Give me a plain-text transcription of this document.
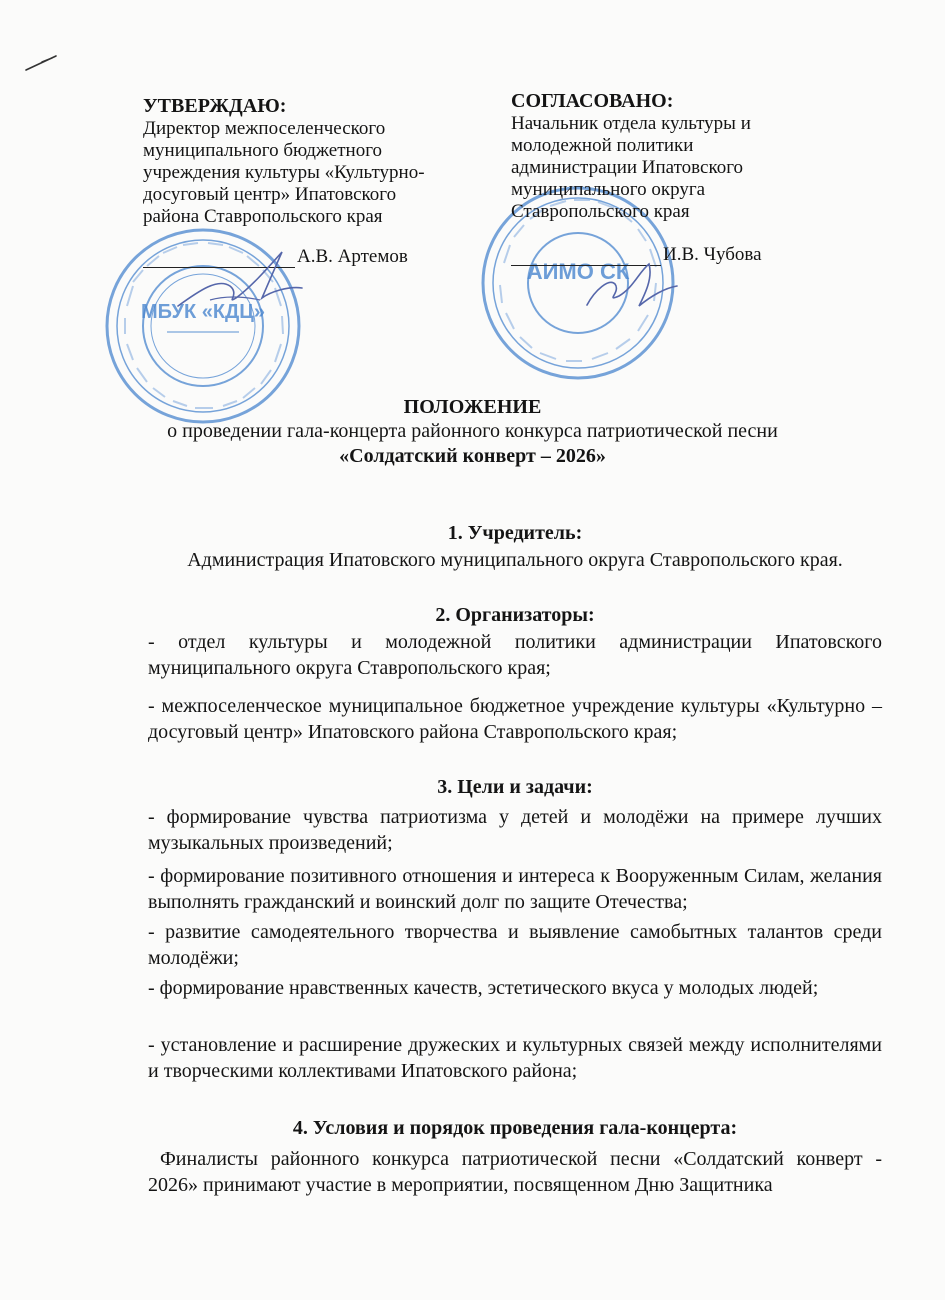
МБУК «КДЦ»
АИМО СК
УТВЕРЖДАЮ:
Директор межпоселенческого
муниципального бюджетного
учреждения культуры «Культурно-
досуговый центр» Ипатовского
района Ставропольского края
А.В. Артемов
СОГЛАСОВАНО:
Начальник отдела культуры и
молодежной политики
администрации Ипатовского
муниципального округа
Ставропольского края
И.В. Чубова
ПОЛОЖЕНИЕ
о проведении гала-концерта районного конкурса патриотической песни
«Солдатский конверт – 2026»
1. Учредитель:
Администрация Ипатовского муниципального округа Ставропольского края.
2. Организаторы:
- отдел культуры и молодежной политики администрации Ипатовского муниципального округа Ставропольского края;
- межпоселенческое муниципальное бюджетное учреждение культуры «Культурно – досуговый центр» Ипатовского района Ставропольского края;
3. Цели и задачи:
- формирование чувства патриотизма у детей и молодёжи на примере лучших музыкальных произведений;
- формирование позитивного отношения и интереса к Вооруженным Силам, желания выполнять гражданский и воинский долг по защите Отечества;
- развитие самодеятельного творчества и выявление самобытных талантов среди молодёжи;
- формирование нравственных качеств, эстетического вкуса у молодых людей;
- установление и расширение дружеских и культурных связей между исполнителями и творческими коллективами Ипатовского района;
4. Условия и порядок проведения гала-концерта:
Финалисты районного конкурса патриотической песни «Солдатский конверт - 2026» принимают участие в мероприятии, посвященном Дню Защитника
